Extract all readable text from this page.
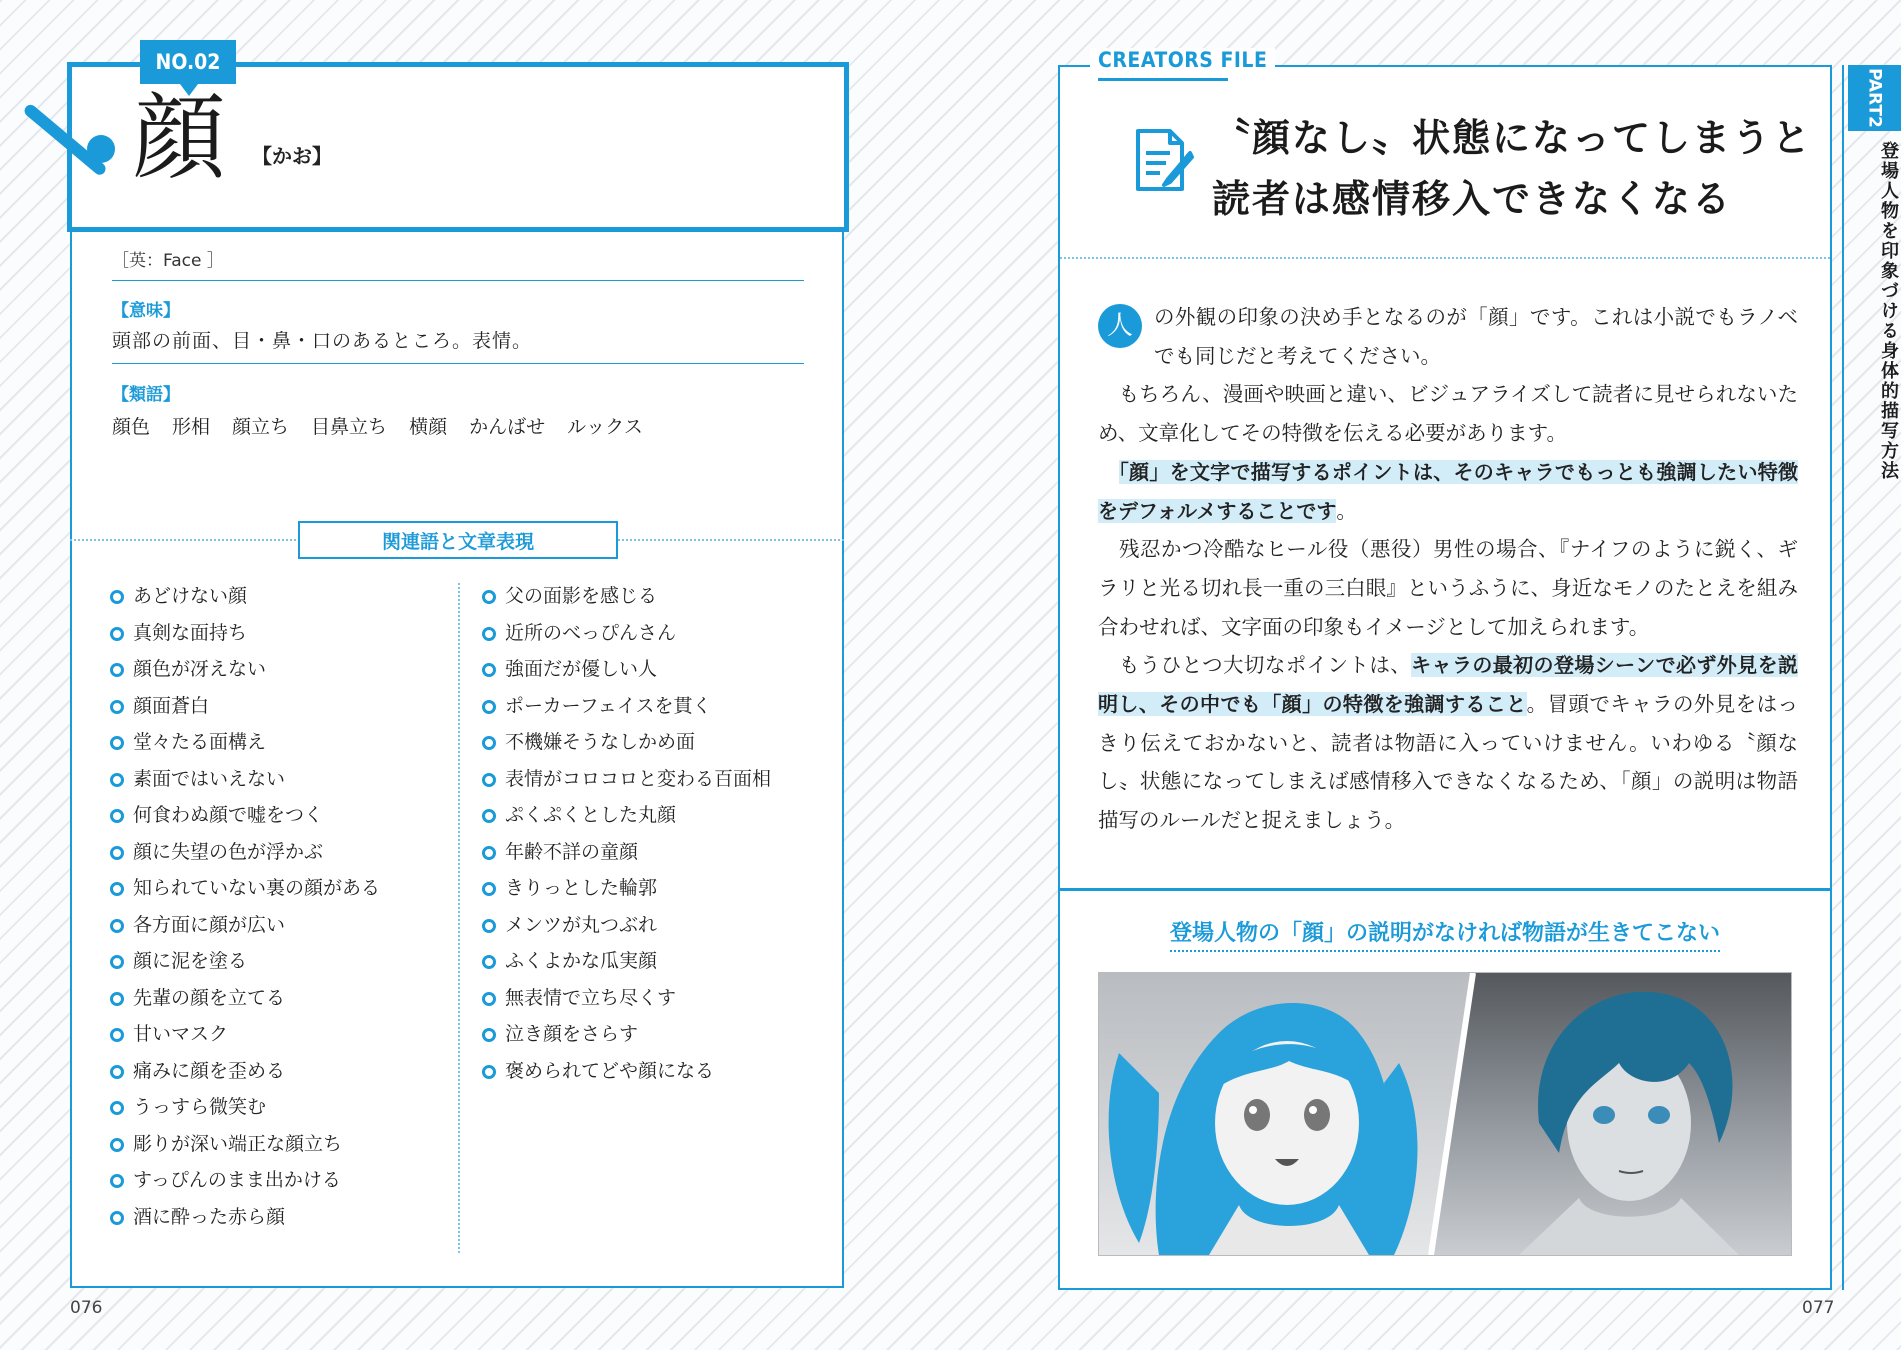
NO.02
顔 【かお】
［英：Face ］
【意味】
頭部の前面、目・鼻・口のあるところ。表情。
【類語】
顔色 形相 顔立ち 目鼻立ち 横顔 かんばせ ルックス
関連語と文章表現
あどけない顔
真剣な面持ち
顔色が冴えない
顔面蒼白
堂々たる面構え
素面ではいえない
何食わぬ顔で嘘をつく
顔に失望の色が浮かぶ
知られていない裏の顔がある
各方面に顔が広い
顔に泥を塗る
先輩の顔を立てる
甘いマスク
痛みに顔を歪める
うっすら微笑む
彫りが深い端正な顔立ち
すっぴんのまま出かける
酒に酔った赤ら顔
父の面影を感じる
近所のべっぴんさん
強面だが優しい人
ポーカーフェイスを貫く
不機嫌そうなしかめ面
表情がコロコロと変わる百面相
ぷくぷくとした丸顔
年齢不詳の童顔
きりっとした輪郭
メンツが丸つぶれ
ふくよかな瓜実顔
無表情で立ち尽くす
泣き顔をさらす
褒められてどや顔になる
076
CREATORS FILE
〝顔なし〟状態になってしまうと
読者は感情移入できなくなる

人	の外観の印象の決め手となるのが「顔」です。これは小説でもラノベでも同じだと考えてください。

　もちろん、漫画や映画と違い、ビジュアライズして読者に見せられないため、文章化してその特徴を伝える必要があります。

　「顔」を文字で描写するポイントは、そのキャラでもっとも強調したい特徴をデフォルメすることです。

　残忍かつ冷酷なヒール役（悪役）男性の場合、『ナイフのように鋭く、ギラリと光る切れ長一重の三白眼』というふうに、身近なモノのたとえを組み合わせれば、文字面の印象もイメージとして加えられます。

　もうひとつ大切なポイントは、キャラの最初の登場シーンで必ず外見を説明し、その中でも「顔」の特徴を強調すること。冒頭でキャラの外見をはっきり伝えておかないと、読者は物語に入っていけません。いわゆる〝顔なし〟状態になってしまえば感情移入できなくなるため、「顔」の説明は物語描写のルールだと捉えましょう。

登場人物の「顔」の説明がなければ物語が生きてこない
PART2
登場人物を印象づける身体的描写方法
077
